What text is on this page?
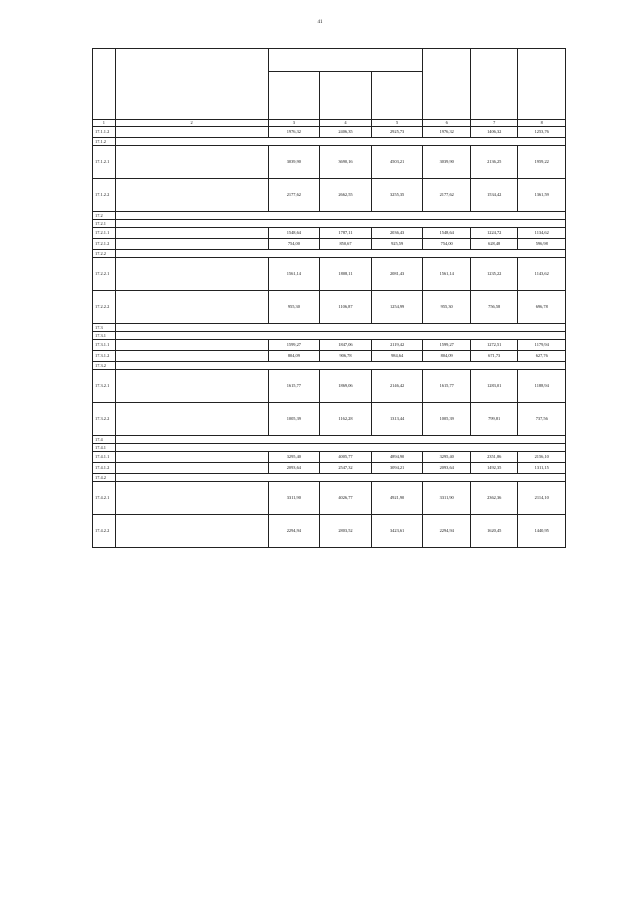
41

1	2	3	4	5	6	7	8
17.1.1.2		1976,32	2406,35	2925,73	1976,32	1406,32	1253,76
17.1.2							
17.1.2.1		3039,90	3690,16	4503,21	3039,90	2136,25	1959,22
17.1.2.2		2177,62	2662,55	3255,35	2177,62	1534,42	1361,59
17.2							
17.2.1							
17.2.1.1		1548,64	1787,11	2036,43	1548,64	1224,72	1134,62
17.2.1.2		754,00	850,67	925,59	754,00	628,48	596,98
17.2.2							
17.2.2.1		1561,14	1808,11	2081,43	1561,14	1235,22	1143,62
17.2.2.2		955,30	1106,87	1254,99	955,30	756,58	696,78
17.3							
17.3.1							
17.3.1.1		1599,27	1847,06	2119,42	1599,27	1272,51	1179,94
17.3.1.2		804,09	906,78	984,64	804,09	671,73	627,76
17.3.2							
17.3.2.1		1615,77	1869,06	2146,42	1615,77	1283,01	1188,94
17.3.2.2		1005,39	1162,28	1313,44	1005,39	799,81	737,56
17.4							
17.4.1							
17.4.1.1		3295,40	4005,77	4894,90	3295,40	2351,86	2156,10
17.4.1.2		2093,64	2547,32	3094,21	2093,64	1492,35	1311,15
17.4.2							
17.4.2.1		3311,90	4026,77	4921,90	3311,90	2362,36	2114,10
17.4.2.2		2294,94	2803,52	3423,61	2294,94	1620,45	1440,95
